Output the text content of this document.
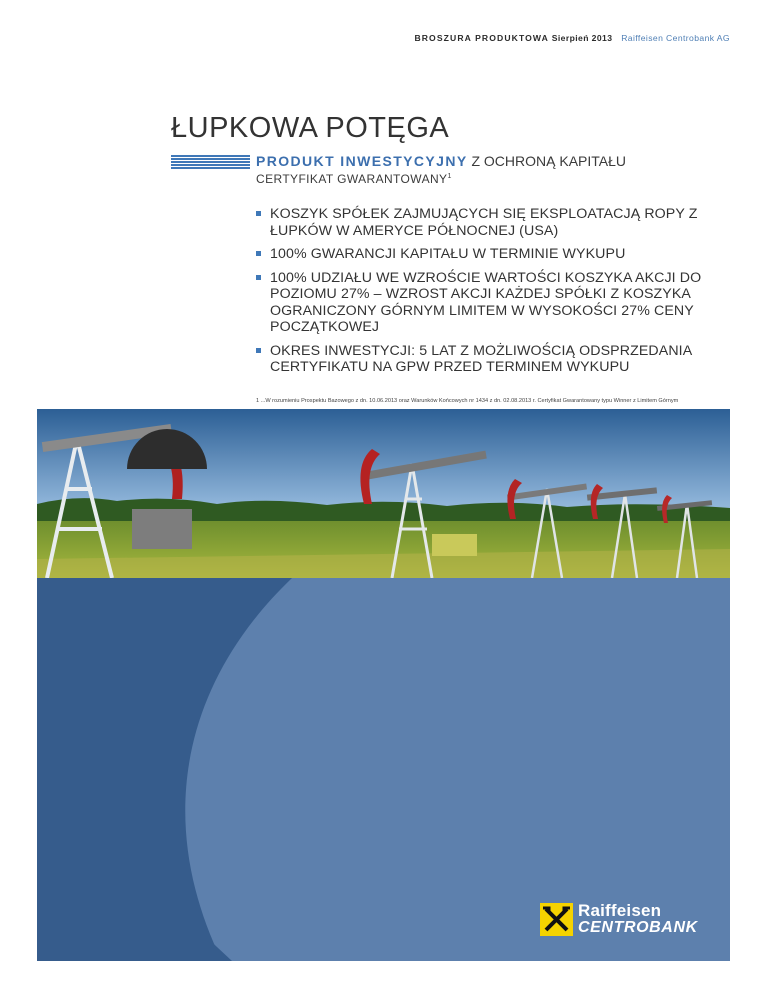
BROSZURA PRODUKTOWA Sierpień 2013 Raiffeisen Centrobank AG
ŁUPKOWA POTĘGA
PRODUKT INWESTYCYJNY Z OCHRONĄ KAPITAŁU
CERTYFIKAT GWARANTOWANY$^1$
KOSZYK SPÓŁEK ZAJMUJĄCYCH SIĘ EKSPLOATACJĄ ROPY Z ŁUPKÓW W AMERYCE PÓŁNOCNEJ (USA)
100% GWARANCJI KAPITAŁU W TERMINIE WYKUPU
100% UDZIAŁU WE WZROŚCIE WARTOŚCI KOSZYKA AKCJI DO POZIOMU 27% – WZROST AKCJI KAŻDEJ SPÓŁKI Z KOSZYKA OGRANICZONY GÓRNYM LIMITEM W WYSOKOŚCI 27% CENY POCZĄTKOWEJ
OKRES INWESTYCJI: 5 LAT Z MOŻLIWOŚCIĄ ODSPRZEDANIA CERTYFIKATU NA GPW PRZED TERMINEM WYKUPU
1 ...W rozumieniu Prospektu Bazowego z dn. 10.06.2013 oraz Warunków Końcowych nr 1434 z dn. 02.08.2013 r. Certyfikat Gwarantowany typu Winner z Limitem Górnym
Raiffeisen
CENTROBANK
